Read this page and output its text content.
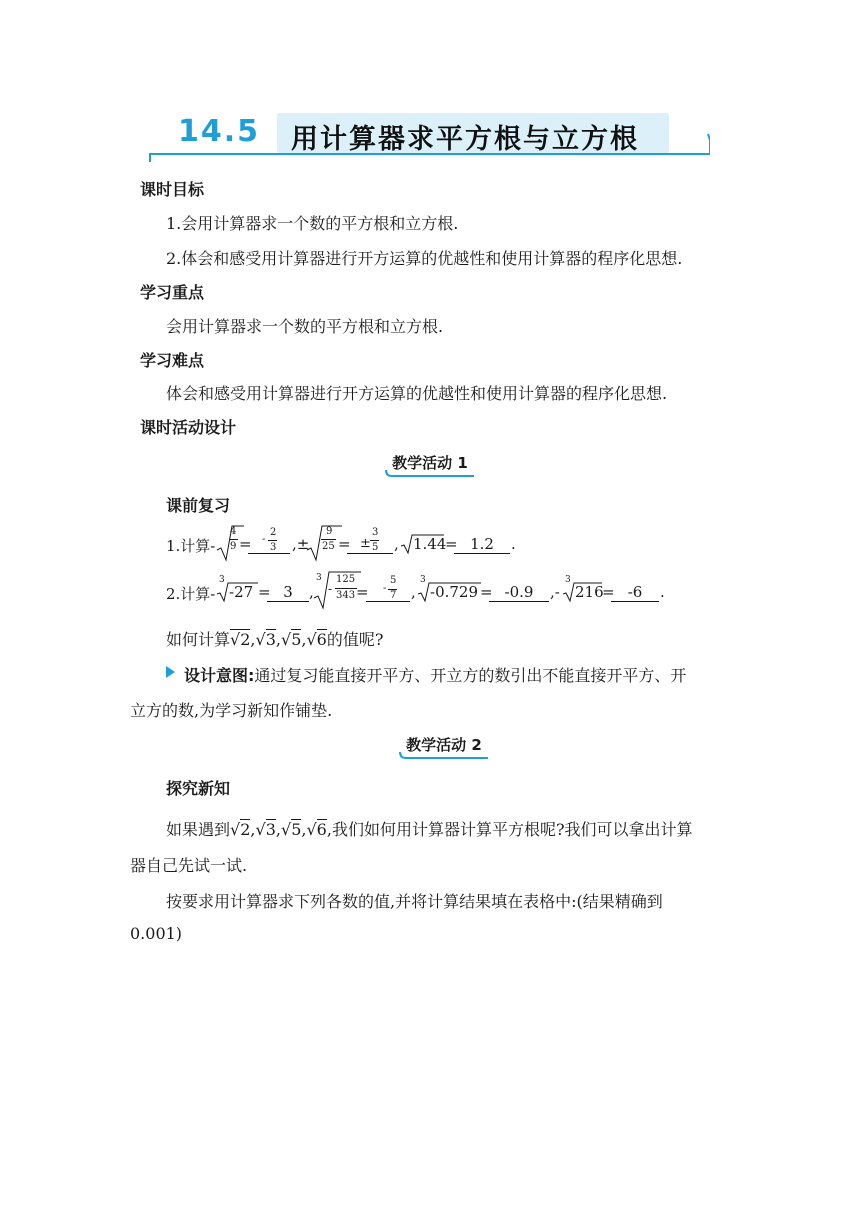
14.5 用计算器求平方根与立方根
课时目标
1.会用计算器求一个数的平方根和立方根.
2.体会和感受用计算器进行开方运算的优越性和使用计算器的程序化思想.
学习重点
会用计算器求一个数的平方根和立方根.
学习难点
体会和感受用计算器进行开方运算的优越性和使用计算器的程序化思想.
课时活动设计
教学活动 1
课前复习
1.计算-
4
9 = -
2
3 ,±
9
25 = ±
3
5 , 1.44
= 1.2	.
2.计算-
3
-27 = 3	,
3
-
125
343 = -
5
7 ,
3
-0.729 = -0.9	,-
3
216
= -6	.
如何计算√2,√3,√5,√6的值呢?
设计意图:通过复习能直接开平方、开立方的数引出不能直接开平方、开
立方的数,为学习新知作铺垫.
教学活动 2
探究新知
如果遇到√2,√3,√5,√6,我们如何用计算器计算平方根呢?我们可以拿出计算
器自己先试一试.
按要求用计算器求下列各数的值,并将计算结果填在表格中:(结果精确到
0.001)
